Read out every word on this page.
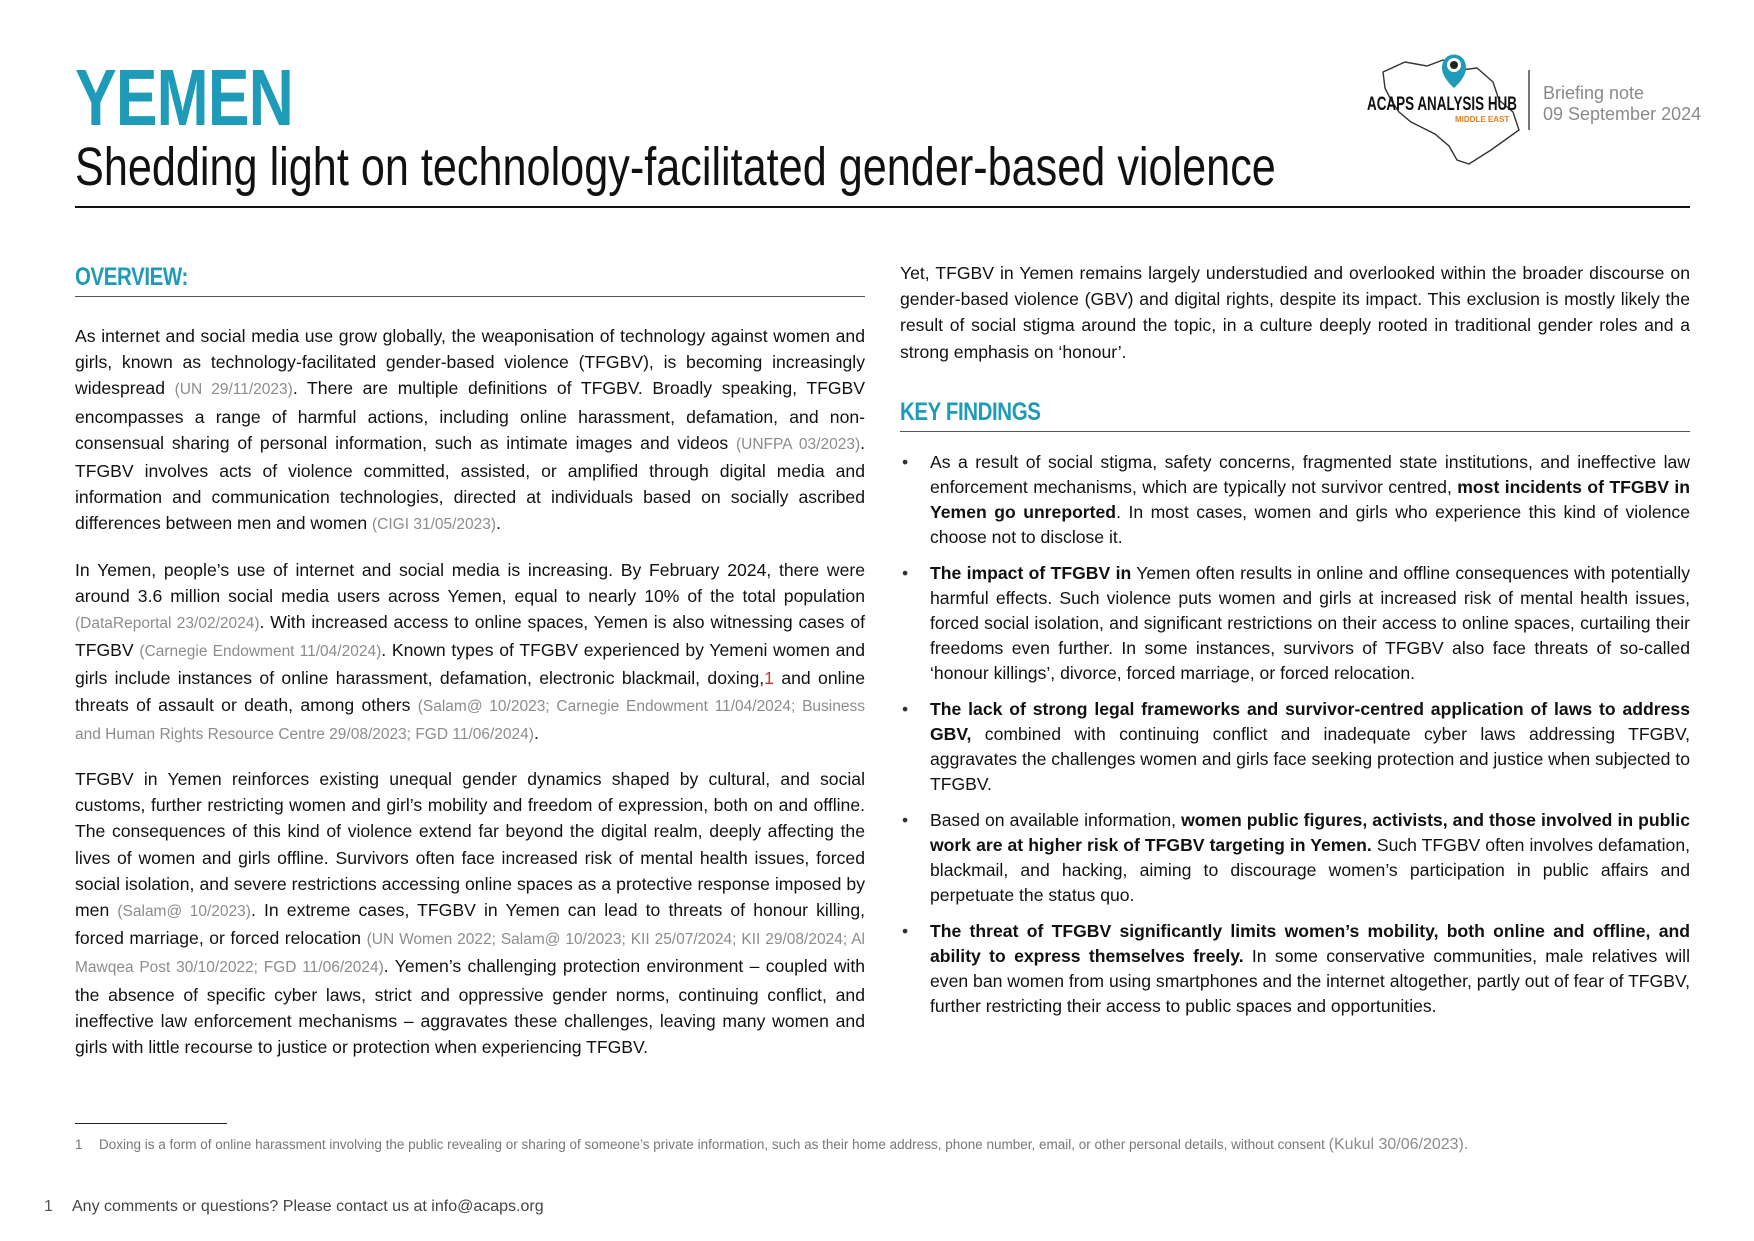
YEMEN
Shedding light on technology-facilitated gender-based violence
ACAPS ANALYSIS HUB
MIDDLE EAST
Briefing note
09 September 2024
OVERVIEW:

As internet and social media use grow globally, the weaponisation of technology against women and girls, known as technology-facilitated gender-based violence (TFGBV), is becoming increasingly widespread (UN 29/11/2023). There are multiple definitions of TFGBV. Broadly speaking, TFGBV encompasses a range of harmful actions, including online harassment, defamation, and non-consensual sharing of personal information, such as intimate images and videos (UNFPA 03/2023). TFGBV involves acts of violence committed, assisted, or amplified through digital media and information and communication technologies, directed at individuals based on socially ascribed differences between men and women (CIGI 31/05/2023).

In Yemen, people’s use of internet and social media is increasing. By February 2024, there were around 3.6 million social media users across Yemen, equal to nearly 10% of the total population (DataReportal 23/02/2024). With increased access to online spaces, Yemen is also witnessing cases of TFGBV (Carnegie Endowment 11/04/2024). Known types of TFGBV experienced by Yemeni women and girls include instances of online harassment, defamation, electronic blackmail, doxing,1 and online threats of assault or death, among others (Salam@ 10/2023; Carnegie Endowment 11/04/2024; Business and Human Rights Resource Centre 29/08/2023; FGD 11/06/2024).

TFGBV in Yemen reinforces existing unequal gender dynamics shaped by cultural, and social customs, further restricting women and girl’s mobility and freedom of expression, both on and offline. The consequences of this kind of violence extend far beyond the digital realm, deeply affecting the lives of women and girls offline. Survivors often face increased risk of mental health issues, forced social isolation, and severe restrictions accessing online spaces as a protective response imposed by men (Salam@ 10/2023). In extreme cases, TFGBV in Yemen can lead to threats of honour killing, forced marriage, or forced relocation (UN Women 2022; Salam@ 10/2023; KII 25/07/2024; KII 29/08/2024; Al Mawqea Post 30/10/2022; FGD 11/06/2024). Yemen’s challenging protection environment – coupled with the absence of specific cyber laws, strict and oppressive gender norms, continuing conflict, and ineffective law enforcement mechanisms – aggravates these challenges, leaving many women and girls with little recourse to justice or protection when experiencing TFGBV.

Yet, TFGBV in Yemen remains largely understudied and overlooked within the broader discourse on gender-based violence (GBV) and digital rights, despite its impact. This exclusion is mostly likely the result of social stigma around the topic, in a culture deeply rooted in traditional gender roles and a strong emphasis on ‘honour’.

KEY FINDINGS
• As a result of social stigma, safety concerns, fragmented state institutions, and ineffective law enforcement mechanisms, which are typically not survivor centred, most incidents of TFGBV in Yemen go unreported. In most cases, women and girls who experience this kind of violence choose not to disclose it.
• The impact of TFGBV in Yemen often results in online and offline consequences with potentially harmful effects. Such violence puts women and girls at increased risk of mental health issues, forced social isolation, and significant restrictions on their access to online spaces, curtailing their freedoms even further. In some instances, survivors of TFGBV also face threats of so-called ‘honour killings’, divorce, forced marriage, or forced relocation.
• The lack of strong legal frameworks and survivor-centred application of laws to address GBV, combined with continuing conflict and inadequate cyber laws addressing TFGBV, aggravates the challenges women and girls face seeking protection and justice when subjected to TFGBV.
• Based on available information, women public figures, activists, and those involved in public work are at higher risk of TFGBV targeting in Yemen. Such TFGBV often involves defamation, blackmail, and hacking, aiming to discourage women’s participation in public affairs and perpetuate the status quo.
• The threat of TFGBV significantly limits women’s mobility, both online and offline, and ability to express themselves freely. In some conservative communities, male relatives will even ban women from using smartphones and the internet altogether, partly out of fear of TFGBV, further restricting their access to public spaces and opportunities.
1 Doxing is a form of online harassment involving the public revealing or sharing of someone’s private information, such as their home address, phone number, email, or other personal details, without consent (Kukul 30/06/2023).
1 Any comments or questions? Please contact us at info@acaps.org
